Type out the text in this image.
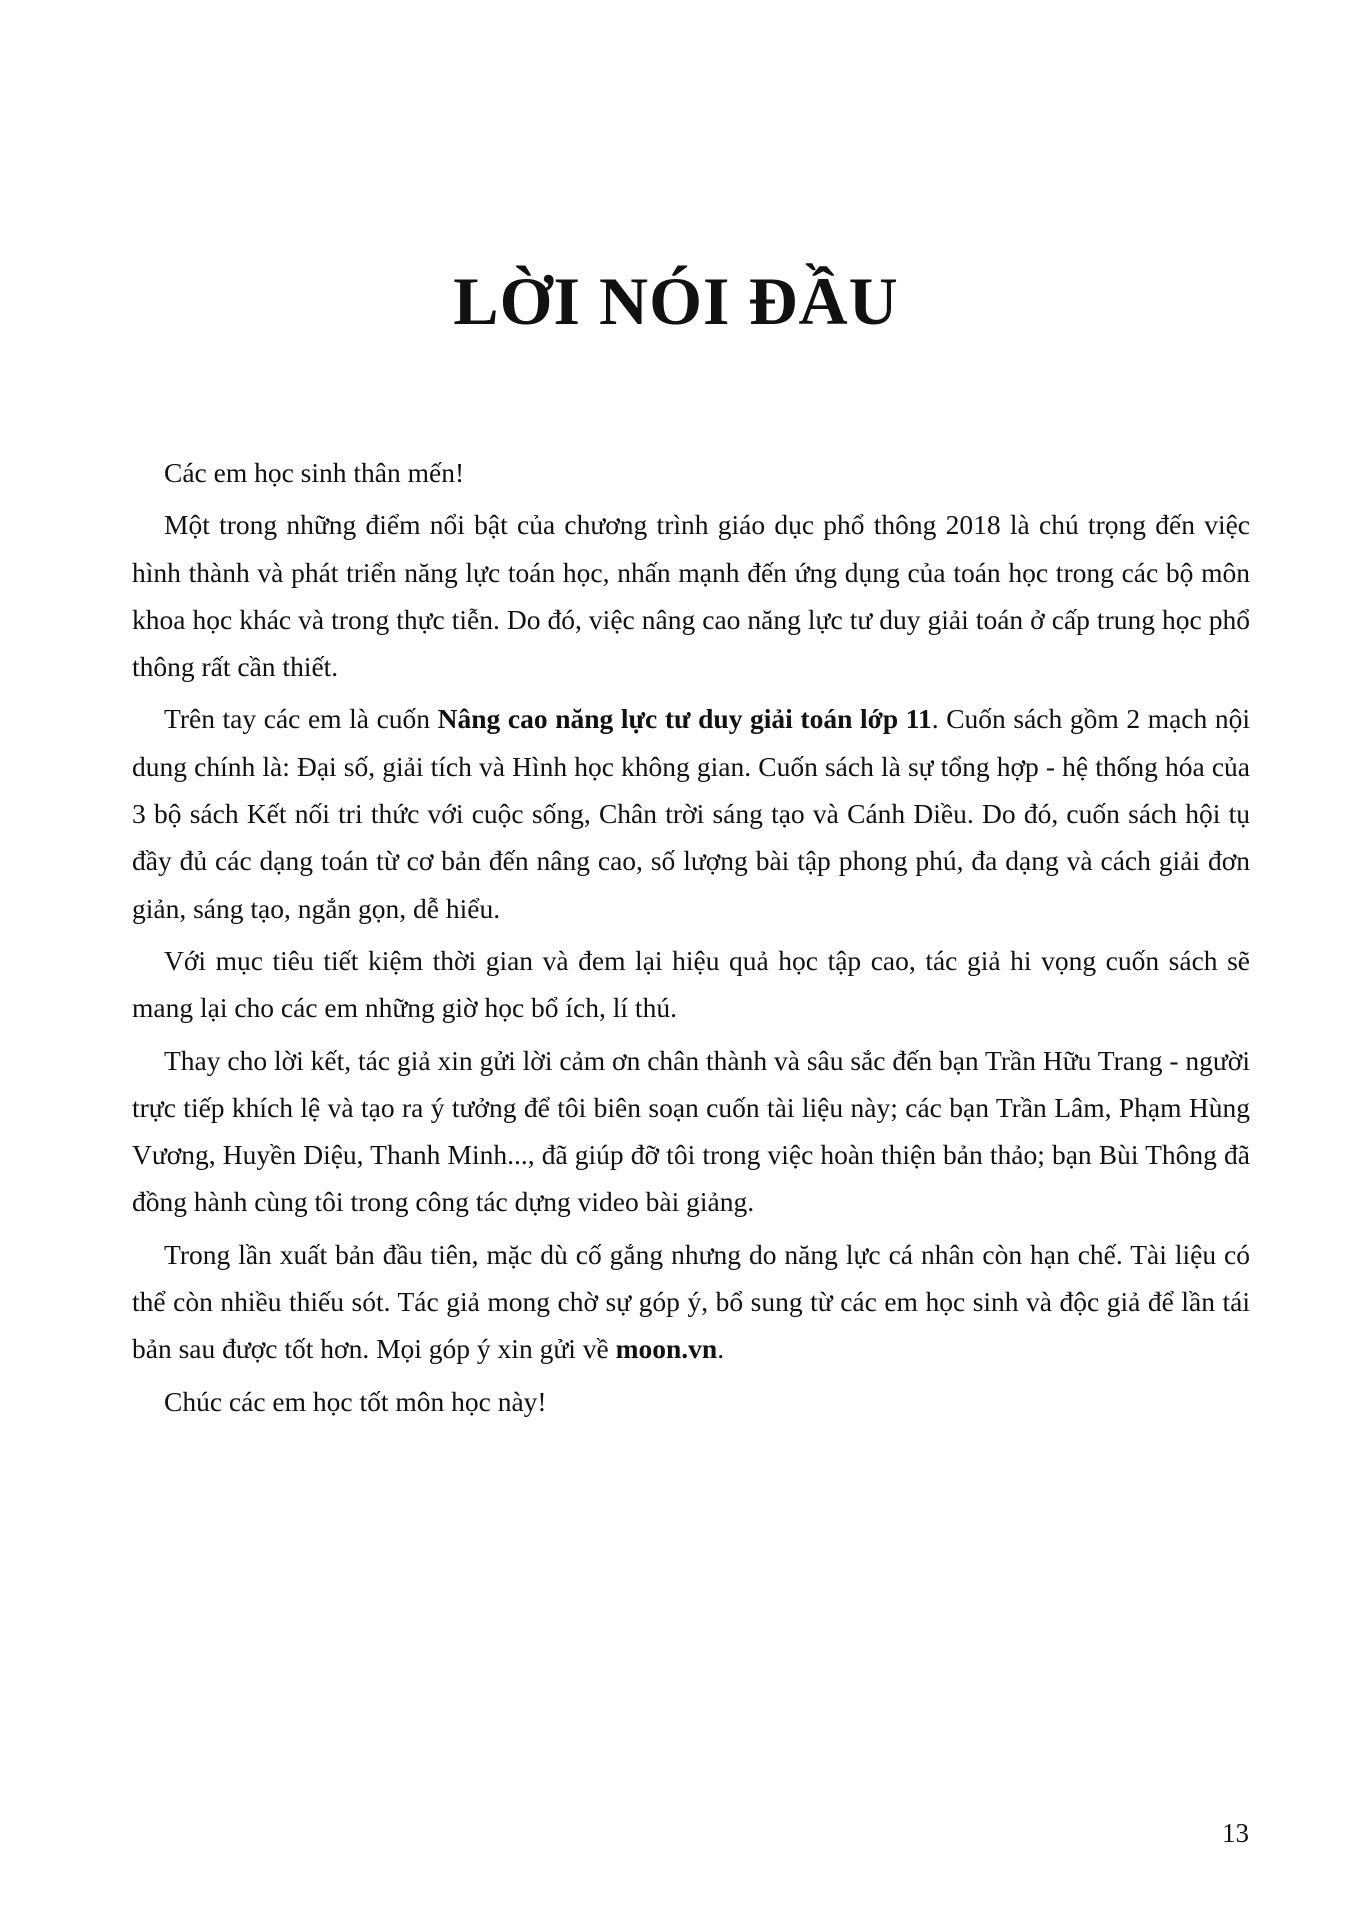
LỜI NÓI ĐẦU

Các em học sinh thân mến!

Một trong những điểm nổi bật của chương trình giáo dục phổ thông 2018 là chú trọng đến việc hình thành và phát triển năng lực toán học, nhấn mạnh đến ứng dụng của toán học trong các bộ môn khoa học khác và trong thực tiễn. Do đó, việc nâng cao năng lực tư duy giải toán ở cấp trung học phổ thông rất cần thiết.

Trên tay các em là cuốn Nâng cao năng lực tư duy giải toán lớp 11. Cuốn sách gồm 2 mạch nội dung chính là: Đại số, giải tích và Hình học không gian. Cuốn sách là sự tổng hợp - hệ thống hóa của 3 bộ sách Kết nối tri thức với cuộc sống, Chân trời sáng tạo và Cánh Diều. Do đó, cuốn sách hội tụ đầy đủ các dạng toán từ cơ bản đến nâng cao, số lượng bài tập phong phú, đa dạng và cách giải đơn giản, sáng tạo, ngắn gọn, dễ hiểu.

Với mục tiêu tiết kiệm thời gian và đem lại hiệu quả học tập cao, tác giả hi vọng cuốn sách sẽ mang lại cho các em những giờ học bổ ích, lí thú.

Thay cho lời kết, tác giả xin gửi lời cảm ơn chân thành và sâu sắc đến bạn Trần Hữu Trang - người trực tiếp khích lệ và tạo ra ý tưởng để tôi biên soạn cuốn tài liệu này; các bạn Trần Lâm, Phạm Hùng Vương, Huyền Diệu, Thanh Minh..., đã giúp đỡ tôi trong việc hoàn thiện bản thảo; bạn Bùi Thông đã đồng hành cùng tôi trong công tác dựng video bài giảng.

Trong lần xuất bản đầu tiên, mặc dù cố gắng nhưng do năng lực cá nhân còn hạn chế. Tài liệu có thể còn nhiều thiếu sót. Tác giả mong chờ sự góp ý, bổ sung từ các em học sinh và độc giả để lần tái bản sau được tốt hơn. Mọi góp ý xin gửi về moon.vn.

Chúc các em học tốt môn học này!

13
